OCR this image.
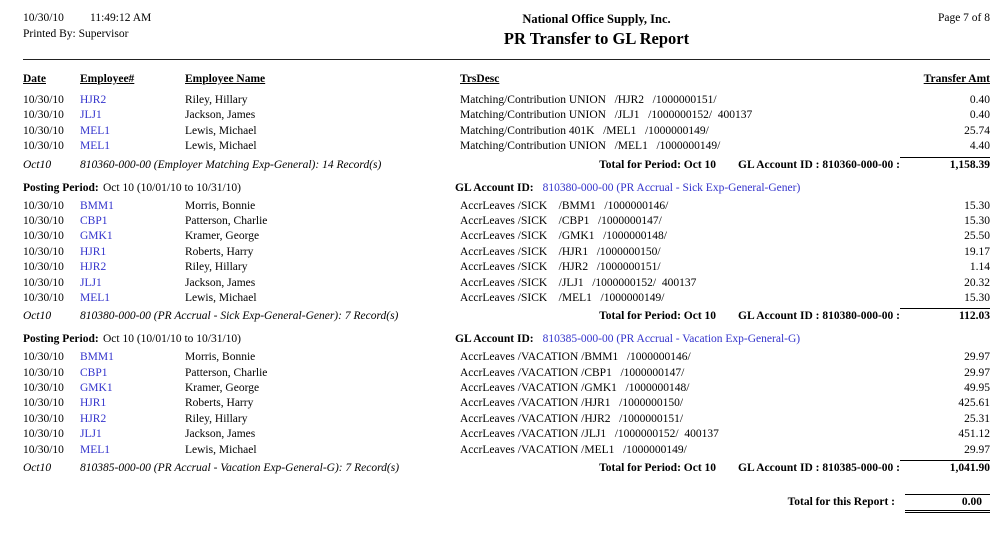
10/30/10	11:49:12 AM
Printed By: Supervisor
National Office Supply, Inc.
PR Transfer to GL Report
Page 7 of 8
Date	Employee#	Employee Name	TrsDesc	Transfer Amt
10/30/10	HJR2	Riley, Hillary	Matching/Contribution UNION   /HJR2   /1000000151/	0.40
10/30/10	JLJ1	Jackson, James	Matching/Contribution UNION   /JLJ1   /1000000152/  400137	0.40
10/30/10	MEL1	Lewis, Michael	Matching/Contribution 401K   /MEL1   /1000000149/	25.74
10/30/10	MEL1	Lewis, Michael	Matching/Contribution UNION   /MEL1   /1000000149/	4.40
Oct10	810360-000-00 (Employer Matching Exp-General): 14 Record(s)	Total for Period: Oct 10 GL Account ID : 810360-000-00 :	1,158.39
Posting Period: Oct 10 (10/01/10 to 10/31/10)	GL Account ID: 810380-000-00 (PR Accrual - Sick Exp-General-Gener)
10/30/10	BMM1	Morris, Bonnie	AccrLeaves /SICK    /BMM1   /1000000146/	15.30
10/30/10	CBP1	Patterson, Charlie	AccrLeaves /SICK    /CBP1   /1000000147/	15.30
10/30/10	GMK1	Kramer, George	AccrLeaves /SICK    /GMK1   /1000000148/	25.50
10/30/10	HJR1	Roberts, Harry	AccrLeaves /SICK    /HJR1   /1000000150/	19.17
10/30/10	HJR2	Riley, Hillary	AccrLeaves /SICK    /HJR2   /1000000151/	1.14
10/30/10	JLJ1	Jackson, James	AccrLeaves /SICK    /JLJ1   /1000000152/  400137	20.32
10/30/10	MEL1	Lewis, Michael	AccrLeaves /SICK    /MEL1   /1000000149/	15.30
Oct10	810380-000-00 (PR Accrual - Sick Exp-General-Gener): 7 Record(s)	Total for Period: Oct 10 GL Account ID : 810380-000-00 :	112.03
Posting Period: Oct 10 (10/01/10 to 10/31/10)	GL Account ID: 810385-000-00 (PR Accrual - Vacation Exp-General-G)
10/30/10	BMM1	Morris, Bonnie	AccrLeaves /VACATION /BMM1   /1000000146/	29.97
10/30/10	CBP1	Patterson, Charlie	AccrLeaves /VACATION /CBP1   /1000000147/	29.97
10/30/10	GMK1	Kramer, George	AccrLeaves /VACATION /GMK1   /1000000148/	49.95
10/30/10	HJR1	Roberts, Harry	AccrLeaves /VACATION /HJR1   /1000000150/	425.61
10/30/10	HJR2	Riley, Hillary	AccrLeaves /VACATION /HJR2   /1000000151/	25.31
10/30/10	JLJ1	Jackson, James	AccrLeaves /VACATION /JLJ1   /1000000152/  400137	451.12
10/30/10	MEL1	Lewis, Michael	AccrLeaves /VACATION /MEL1   /1000000149/	29.97
Oct10	810385-000-00 (PR Accrual - Vacation Exp-General-G): 7 Record(s)	Total for Period: Oct 10 GL Account ID : 810385-000-00 :	1,041.90
Total for this Report :	0.00
